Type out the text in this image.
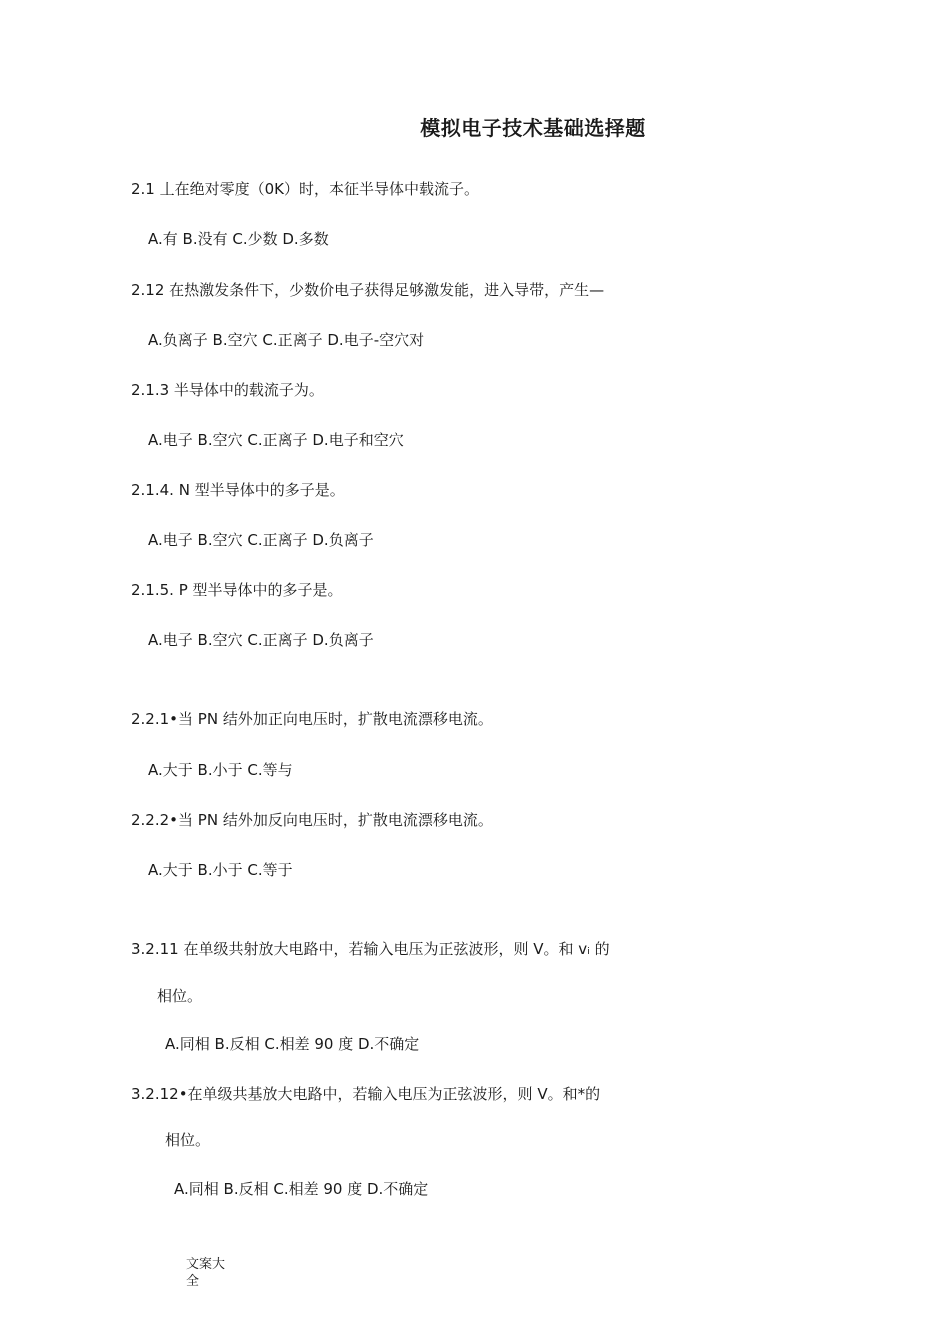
模拟电子技术基础选择题
2.1 丄在绝对零度（0K）时，本征半导体中载流子。
A.有 B.没有 C.少数 D.多数
2.12 在热激发条件下，少数价电子获得足够激发能，进入导带，产生—
A.负离子 B.空穴 C.正离子 D.电子-空穴对
2.1.3 半导体中的载流子为。
A.电子 B.空穴 C.正离子 D.电子和空穴
2.1.4. N 型半导体中的多子是。
A.电子 B.空穴 C.正离子 D.负离子
2.1.5. P 型半导体中的多子是。
A.电子 B.空穴 C.正离子 D.负离子
2.2.1•当 PN 结外加正向电压时，扩散电流漂移电流。
A.大于 B.小于 C.等与
2.2.2•当 PN 结外加反向电压时，扩散电流漂移电流。
A.大于 B.小于 C.等于
3.2.11 在单级共射放大电路中，若输入电压为正弦波形，则 V。和 vᵢ 的
相位。
A.同相 B.反相 C.相差 90 度 D.不确定
3.2.12•在单级共基放大电路中，若输入电压为正弦波形，则 V。和*的
相位。
A.同相 B.反相 C.相差 90 度 D.不确定
文案大全
